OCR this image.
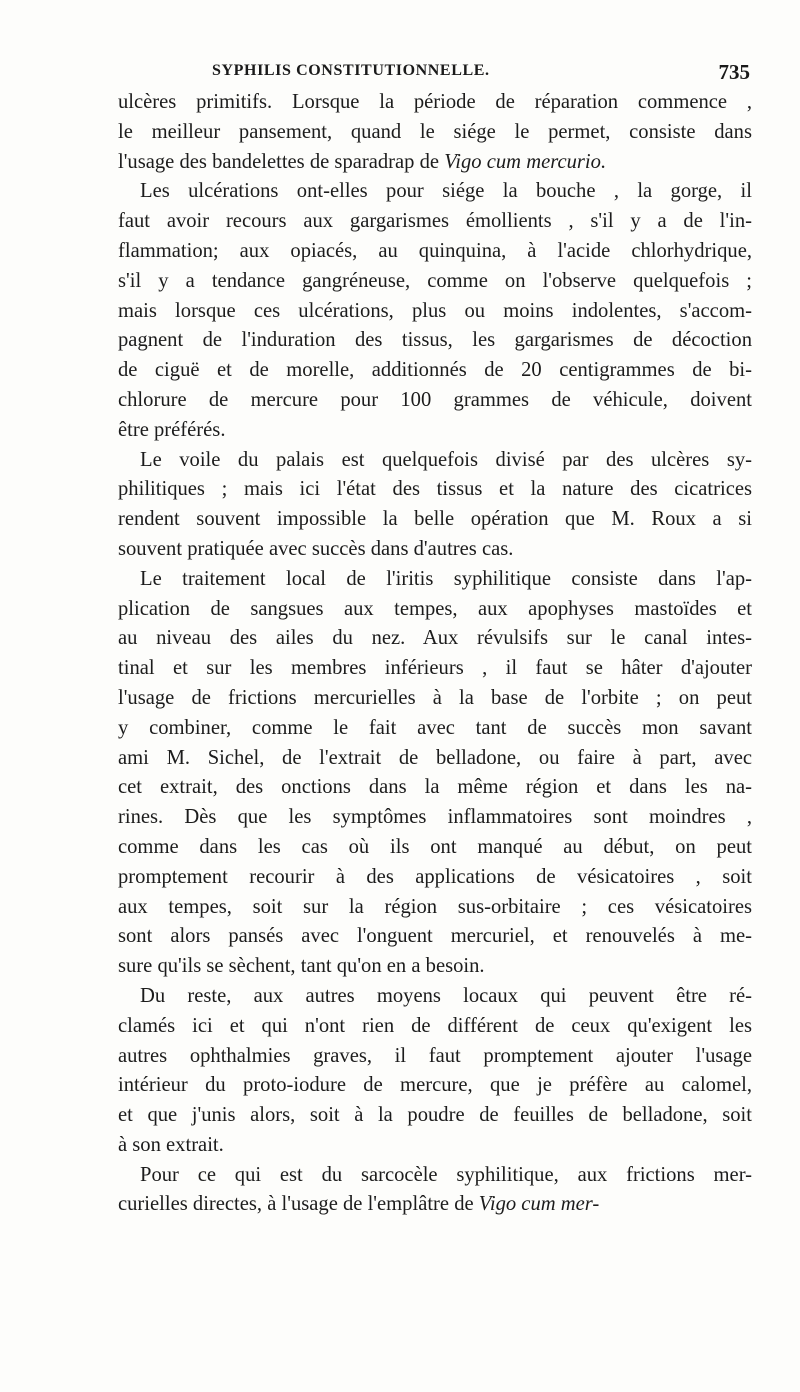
SYPHILIS CONSTITUTIONNELLE.	735
ulcères primitifs. Lorsque la période de réparation commence ,
le meilleur pansement, quand le siége le permet, consiste dans
l'usage des bandelettes de sparadrap de Vigo cum mercurio.
Les ulcérations ont-elles pour siége la bouche , la gorge, il
faut avoir recours aux gargarismes émollients , s'il y a de l'in-
flammation; aux opiacés, au quinquina, à l'acide chlorhydrique,
s'il y a tendance gangréneuse, comme on l'observe quelquefois ;
mais lorsque ces ulcérations, plus ou moins indolentes, s'accom-
pagnent de l'induration des tissus, les gargarismes de décoction
de ciguë et de morelle, additionnés de 20 centigrammes de bi-
chlorure de mercure pour 100 grammes de véhicule, doivent
être préférés.
Le voile du palais est quelquefois divisé par des ulcères sy-
philitiques ; mais ici l'état des tissus et la nature des cicatrices
rendent souvent impossible la belle opération que M. Roux a si
souvent pratiquée avec succès dans d'autres cas.
Le traitement local de l'iritis syphilitique consiste dans l'ap-
plication de sangsues aux tempes, aux apophyses mastoïdes et
au niveau des ailes du nez. Aux révulsifs sur le canal intes-
tinal et sur les membres inférieurs , il faut se hâter d'ajouter
l'usage de frictions mercurielles à la base de l'orbite ; on peut
y combiner, comme le fait avec tant de succès mon savant
ami M. Sichel, de l'extrait de belladone, ou faire à part, avec
cet extrait, des onctions dans la même région et dans les na-
rines. Dès que les symptômes inflammatoires sont moindres ,
comme dans les cas où ils ont manqué au début, on peut
promptement recourir à des applications de vésicatoires , soit
aux tempes, soit sur la région sus-orbitaire ; ces vésicatoires
sont alors pansés avec l'onguent mercuriel, et renouvelés à me-
sure qu'ils se sèchent, tant qu'on en a besoin.
Du reste, aux autres moyens locaux qui peuvent être ré-
clamés ici et qui n'ont rien de différent de ceux qu'exigent les
autres ophthalmies graves, il faut promptement ajouter l'usage
intérieur du proto-iodure de mercure, que je préfère au calomel,
et que j'unis alors, soit à la poudre de feuilles de belladone, soit
à son extrait.
Pour ce qui est du sarcocèle syphilitique, aux frictions mer-
curielles directes, à l'usage de l'emplâtre de Vigo cum mer-
